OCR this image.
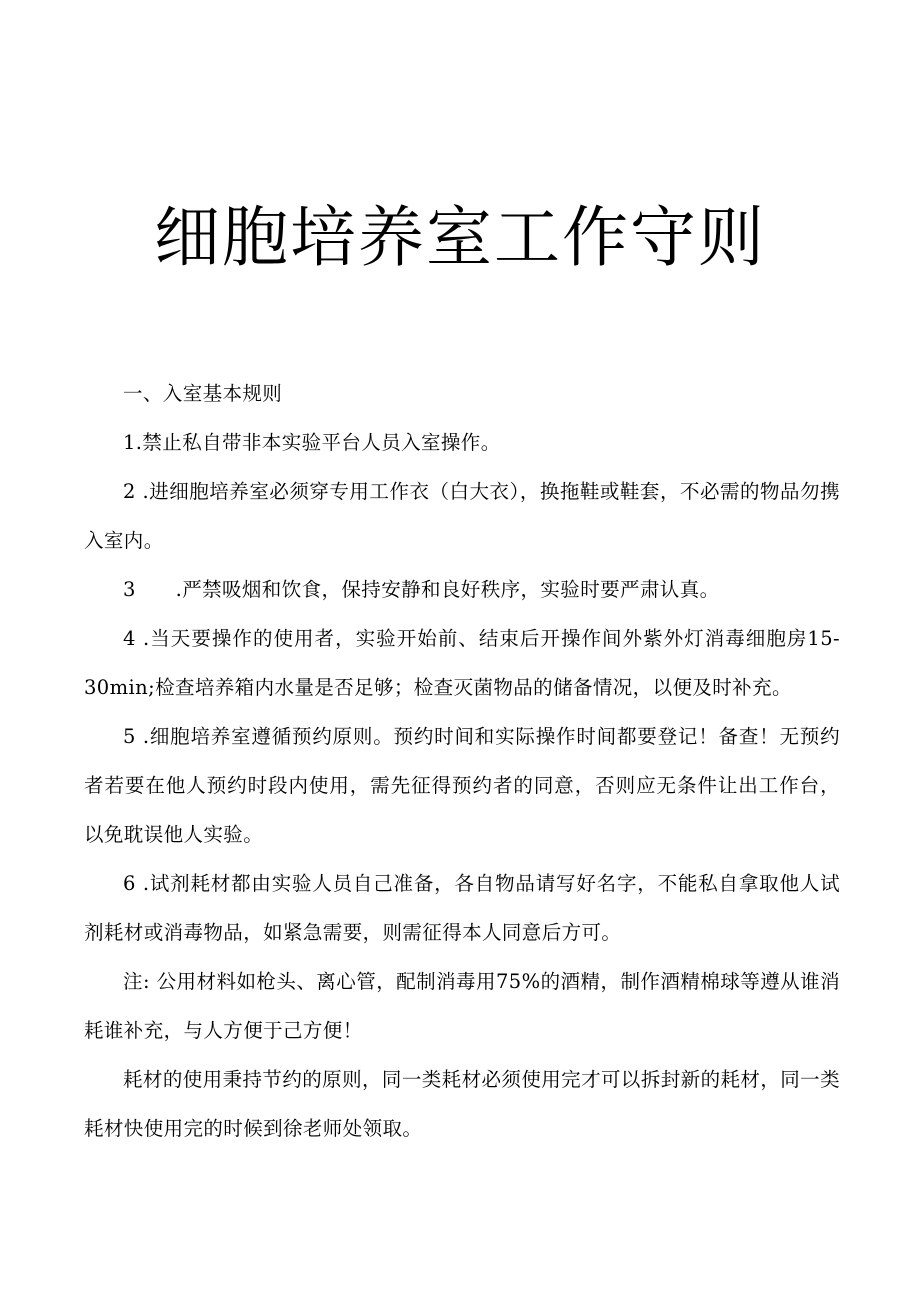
细胞培养室工作守则

一、入室基本规则

1.禁止私自带非本实验平台人员入室操作。

2 .进细胞培养室必须穿专用工作衣（白大衣），换拖鞋或鞋套，不必需的物品勿携入室内。

3　　.严禁吸烟和饮食，保持安静和良好秩序，实验时要严肃认真。

4 .当天要操作的使用者，实验开始前、结束后开操作间外紫外灯消毒细胞房15-30min;检查培养箱内水量是否足够；检查灭菌物品的储备情况，以便及时补充。

5 .细胞培养室遵循预约原则。预约时间和实际操作时间都要登记！备查！无预约者若要在他人预约时段内使用，需先征得预约者的同意，否则应无条件让出工作台，以免耽误他人实验。

6 .试剂耗材都由实验人员自己准备，各自物品请写好名字，不能私自拿取他人试剂耗材或消毒物品，如紧急需要，则需征得本人同意后方可。

注: 公用材料如枪头、离心管，配制消毒用75%的酒精，制作酒精棉球等遵从谁消耗谁补充，与人方便于己方便！

耗材的使用秉持节约的原则，同一类耗材必须使用完才可以拆封新的耗材，同一类耗材快使用完的时候到徐老师处领取。
